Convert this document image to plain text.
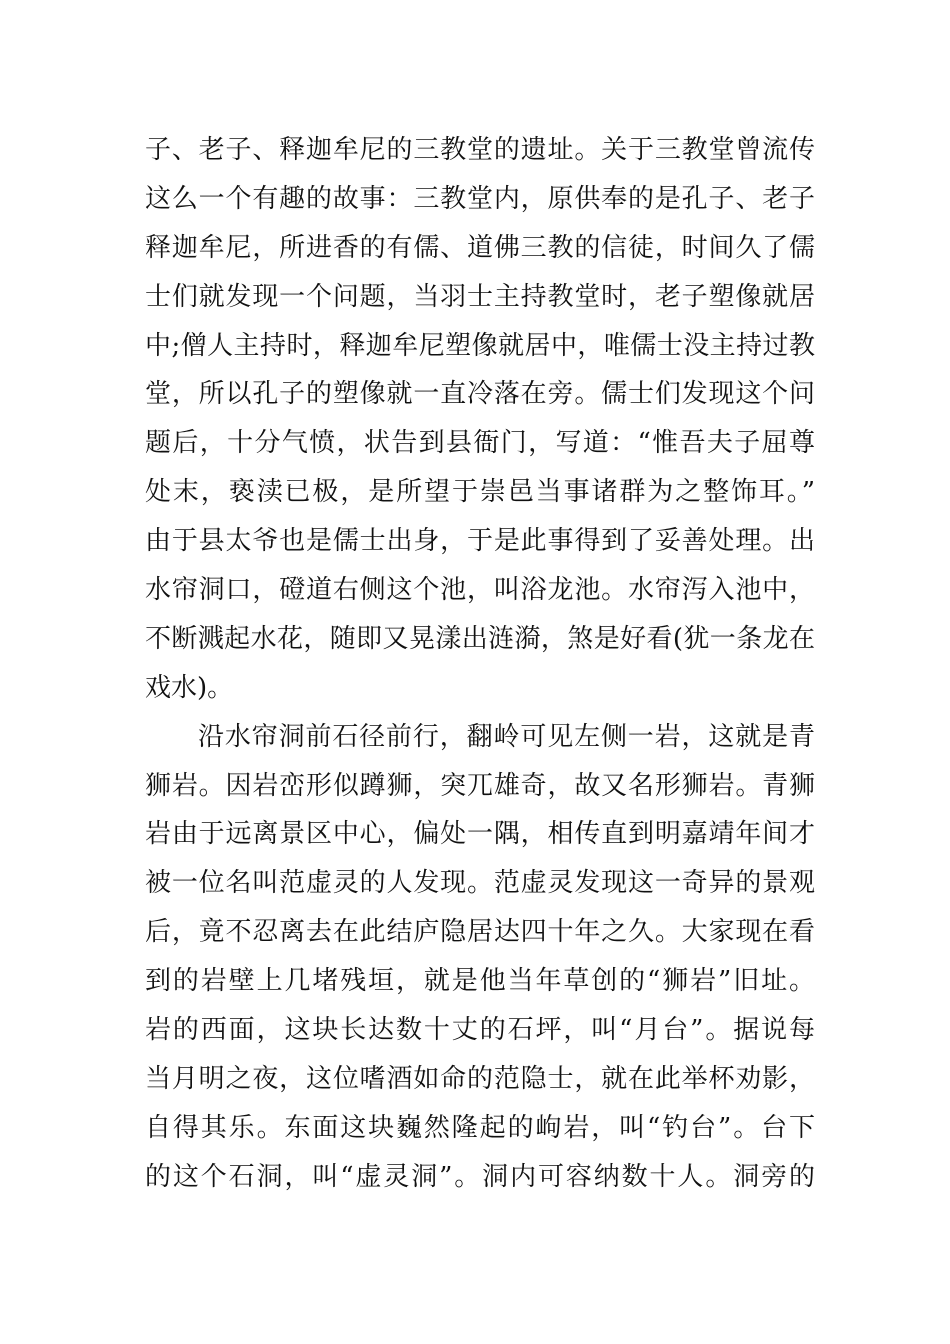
子、老子、释迦牟尼的三教堂的遗址。关于三教堂曾流传
这么一个有趣的故事：三教堂内，原供奉的是孔子、老子
释迦牟尼，所进香的有儒、道佛三教的信徒，时间久了儒
士们就发现一个问题，当羽士主持教堂时，老子塑像就居
中;僧人主持时，释迦牟尼塑像就居中，唯儒士没主持过教
堂，所以孔子的塑像就一直冷落在旁。儒士们发现这个问
题后，十分气愤，状告到县衙门，写道：“惟吾夫子屈尊
处末，亵渎已极，是所望于崇邑当事诸群为之整饰耳。”
由于县太爷也是儒士出身，于是此事得到了妥善处理。出
水帘洞口，磴道右侧这个池，叫浴龙池。水帘泻入池中，
不断溅起水花，随即又晃漾出涟漪，煞是好看(犹一条龙在
戏水)。
沿水帘洞前石径前行，翻岭可见左侧一岩，这就是青
狮岩。因岩峦形似蹲狮，突兀雄奇，故又名形狮岩。青狮
岩由于远离景区中心，偏处一隅，相传直到明嘉靖年间才
被一位名叫范虚灵的人发现。范虚灵发现这一奇异的景观
后，竟不忍离去在此结庐隐居达四十年之久。大家现在看
到的岩壁上几堵残垣，就是他当年草创的“狮岩”旧址。
岩的西面，这块长达数十丈的石坪，叫“月台”。据说每
当月明之夜，这位嗜酒如命的范隐士，就在此举杯劝影，
自得其乐。东面这块巍然隆起的岣岩，叫“钓台”。台下
的这个石洞，叫“虚灵洞”。洞内可容纳数十人。洞旁的
